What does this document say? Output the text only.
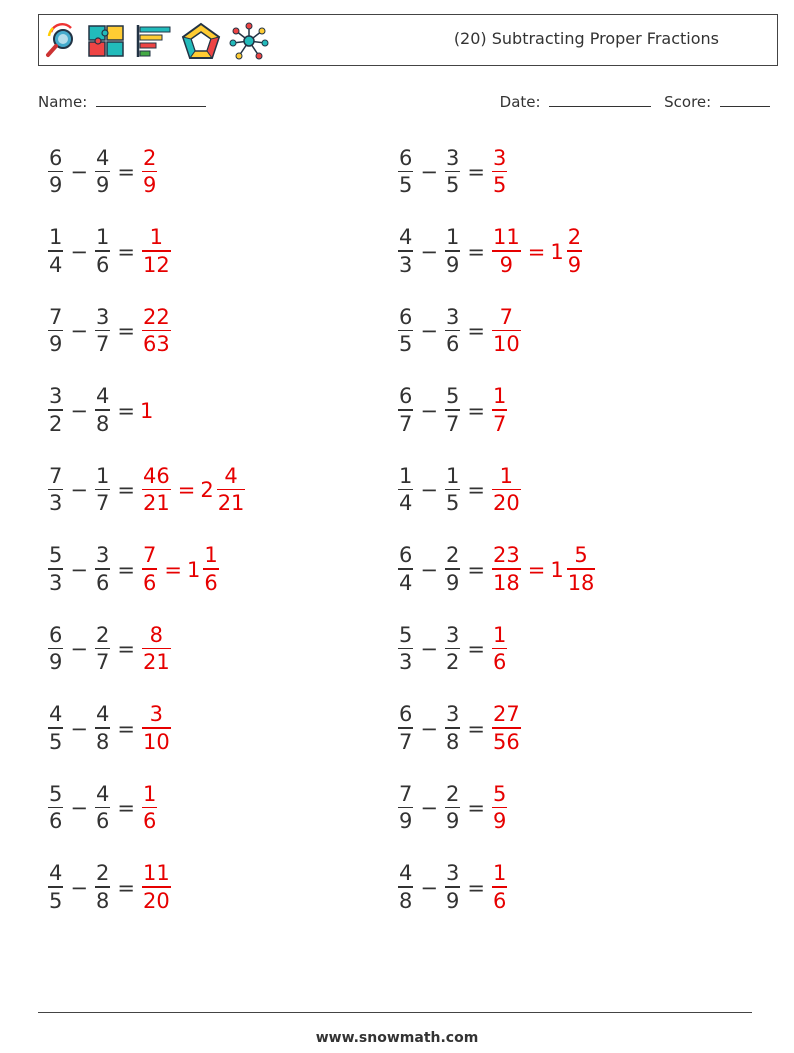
(20) Subtracting Proper Fractions
Name:	Date:	Score:
$\frac{6}{9} - \frac{4}{9} = \frac{2}{9}$	$\frac{6}{5} - \frac{3}{5} = \frac{3}{5}$
$\frac{1}{4} - \frac{1}{6} = \frac{1}{12}$	$\frac{4}{3} - \frac{1}{9} = \frac{11}{9} = 1 \frac{2}{9}$
$\frac{7}{9} - \frac{3}{7} = \frac{22}{63}$	$\frac{6}{5} - \frac{3}{6} = \frac{7}{10}$
$\frac{3}{2} - \frac{4}{8} = 1$	$\frac{6}{7} - \frac{5}{7} = \frac{1}{7}$
$\frac{7}{3} - \frac{1}{7} = \frac{46}{21} = 2 \frac{4}{21}$	$\frac{1}{4} - \frac{1}{5} = \frac{1}{20}$
$\frac{5}{3} - \frac{3}{6} = \frac{7}{6} = 1 \frac{1}{6}$	$\frac{6}{4} - \frac{2}{9} = \frac{23}{18} = 1 \frac{5}{18}$
$\frac{6}{9} - \frac{2}{7} = \frac{8}{21}$	$\frac{5}{3} - \frac{3}{2} = \frac{1}{6}$
$\frac{4}{5} - \frac{4}{8} = \frac{3}{10}$	$\frac{6}{7} - \frac{3}{8} = \frac{27}{56}$
$\frac{5}{6} - \frac{4}{6} = \frac{1}{6}$	$\frac{7}{9} - \frac{2}{9} = \frac{5}{9}$
$\frac{4}{5} - \frac{2}{8} = \frac{11}{20}$	$\frac{4}{8} - \frac{3}{9} = \frac{1}{6}$
www.snowmath.com
